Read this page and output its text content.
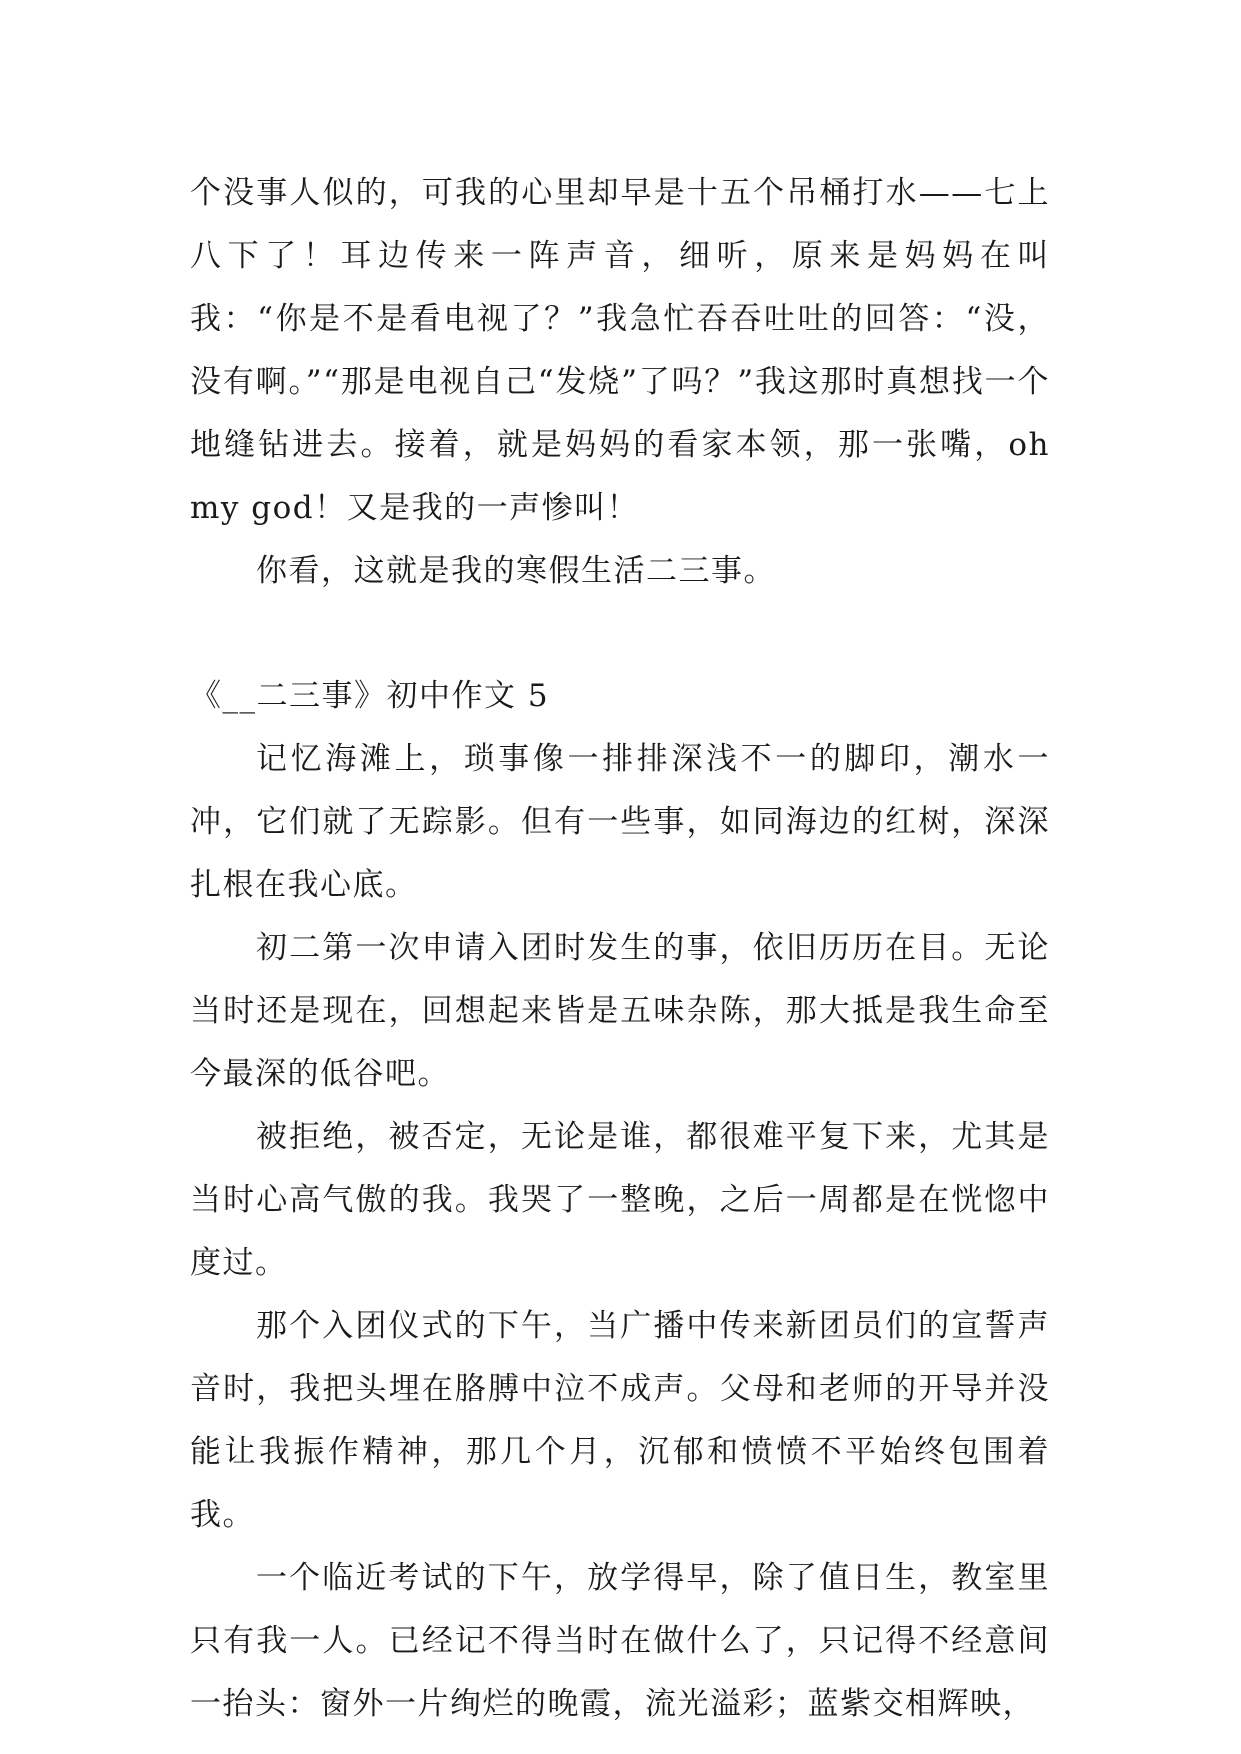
个没事人似的，可我的心里却早是十五个吊桶打水——七上八下了！耳边传来一阵声音，细听，原来是妈妈在叫我：“你是不是看电视了？”我急忙吞吞吐吐的回答：“没，没有啊。”“那是电视自己“发烧”了吗？”我这那时真想找一个地缝钻进去。接着，就是妈妈的看家本领，那一张嘴，oh my god！又是我的一声惨叫！

你看，这就是我的寒假生活二三事。

《__二三事》初中作文 5

记忆海滩上，琐事像一排排深浅不一的脚印，潮水一冲，它们就了无踪影。但有一些事，如同海边的红树，深深扎根在我心底。

初二第一次申请入团时发生的事，依旧历历在目。无论当时还是现在，回想起来皆是五味杂陈，那大抵是我生命至今最深的低谷吧。

被拒绝，被否定，无论是谁，都很难平复下来，尤其是当时心高气傲的我。我哭了一整晚，之后一周都是在恍惚中度过。

那个入团仪式的下午，当广播中传来新团员们的宣誓声音时，我把头埋在胳膊中泣不成声。父母和老师的开导并没能让我振作精神，那几个月，沉郁和愤愤不平始终包围着我。

一个临近考试的下午，放学得早，除了值日生，教室里只有我一人。已经记不得当时在做什么了，只记得不经意间一抬头：窗外一片绚烂的晚霞，流光溢彩；蓝紫交相辉映，
